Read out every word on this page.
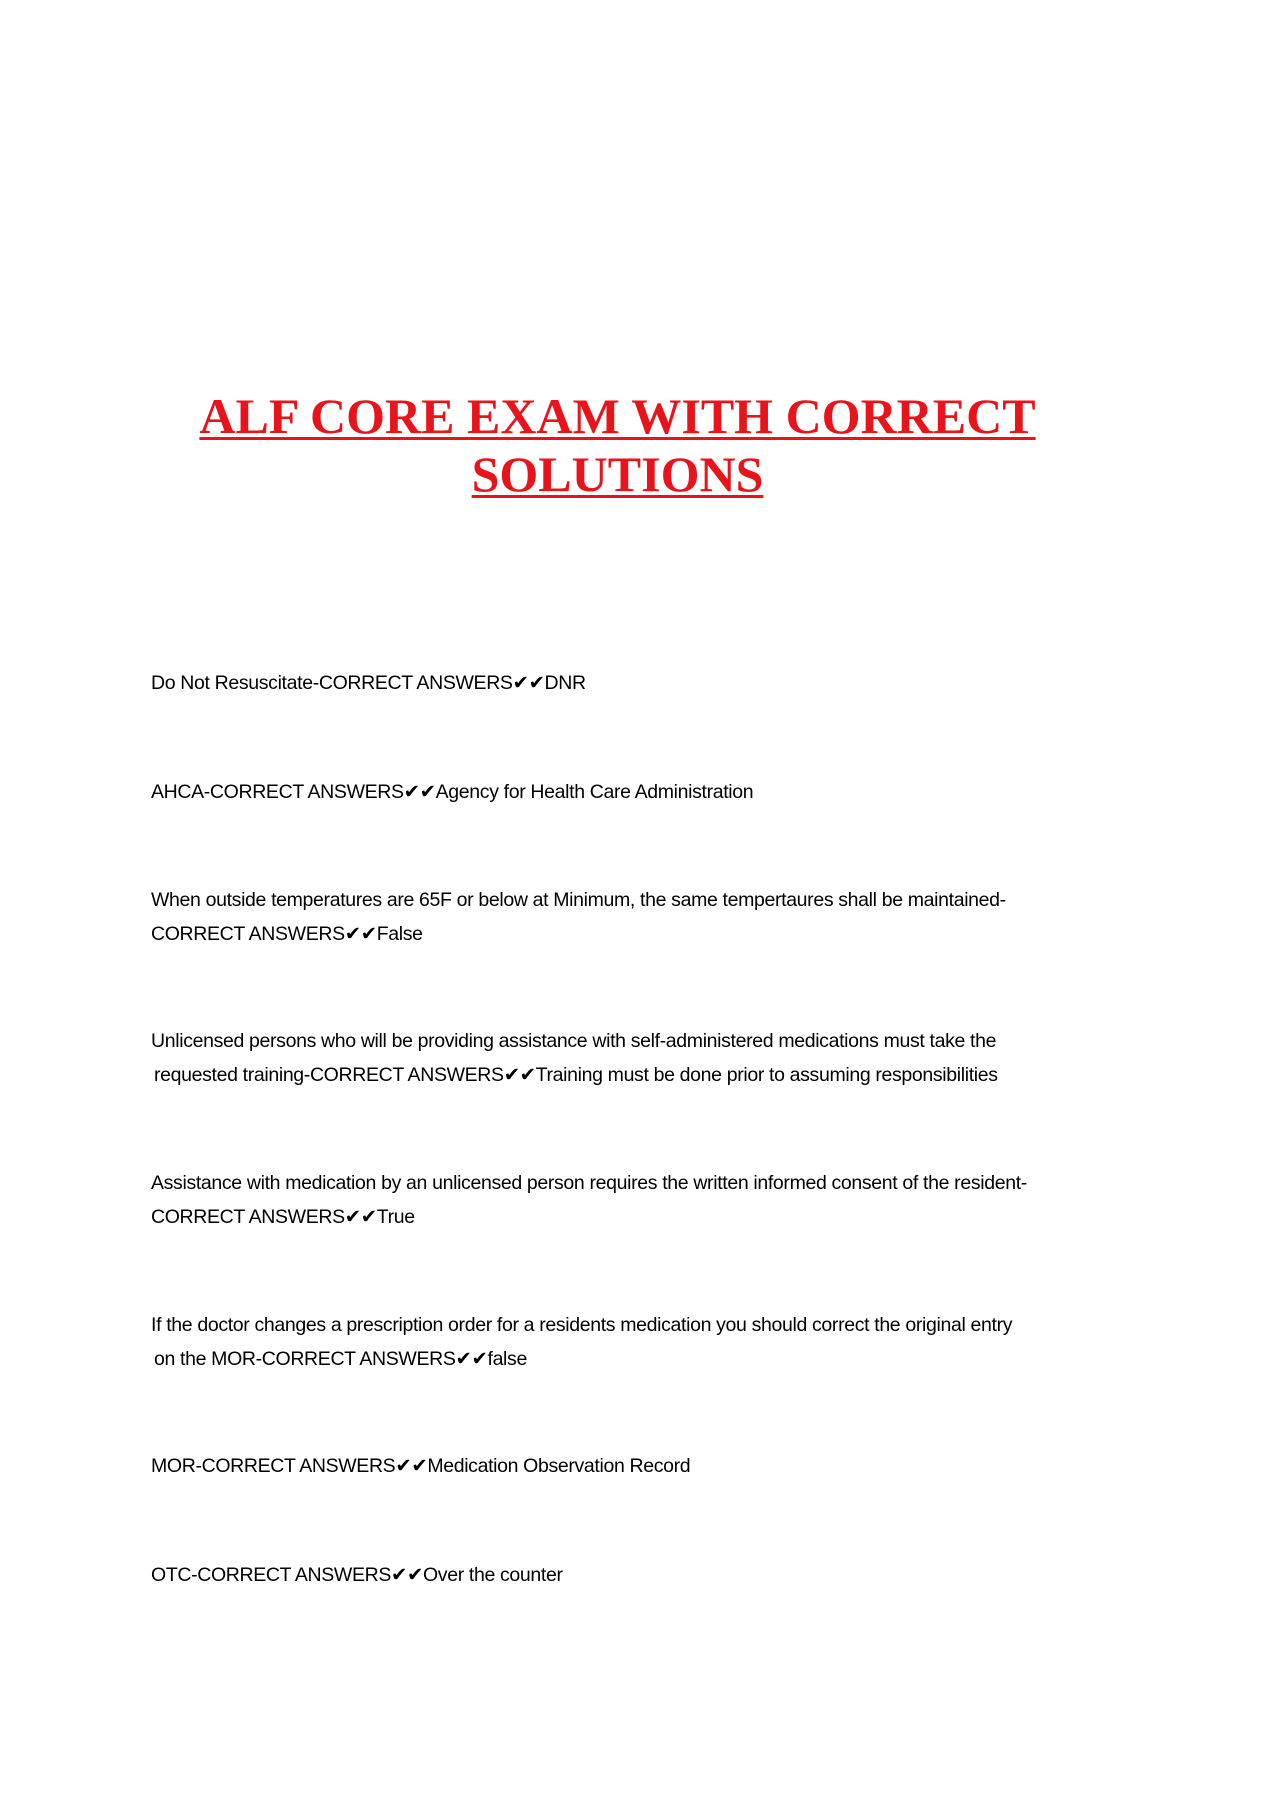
ALF CORE EXAM WITH CORRECT
SOLUTIONS
Do Not Resuscitate-CORRECT ANSWERS✔✔DNR
AHCA-CORRECT ANSWERS✔✔Agency for Health Care Administration
When outside temperatures are 65F or below at Minimum, the same tempertaures shall be maintained-
CORRECT ANSWERS✔✔False
Unlicensed persons who will be providing assistance with self-administered medications must take the
requested training-CORRECT ANSWERS✔✔Training must be done prior to assuming responsibilities
Assistance with medication by an unlicensed person requires the written informed consent of the resident-
CORRECT ANSWERS✔✔True
If the doctor changes a prescription order for a residents medication you should correct the original entry
on the MOR-CORRECT ANSWERS✔✔false
MOR-CORRECT ANSWERS✔✔Medication Observation Record
OTC-CORRECT ANSWERS✔✔Over the counter
